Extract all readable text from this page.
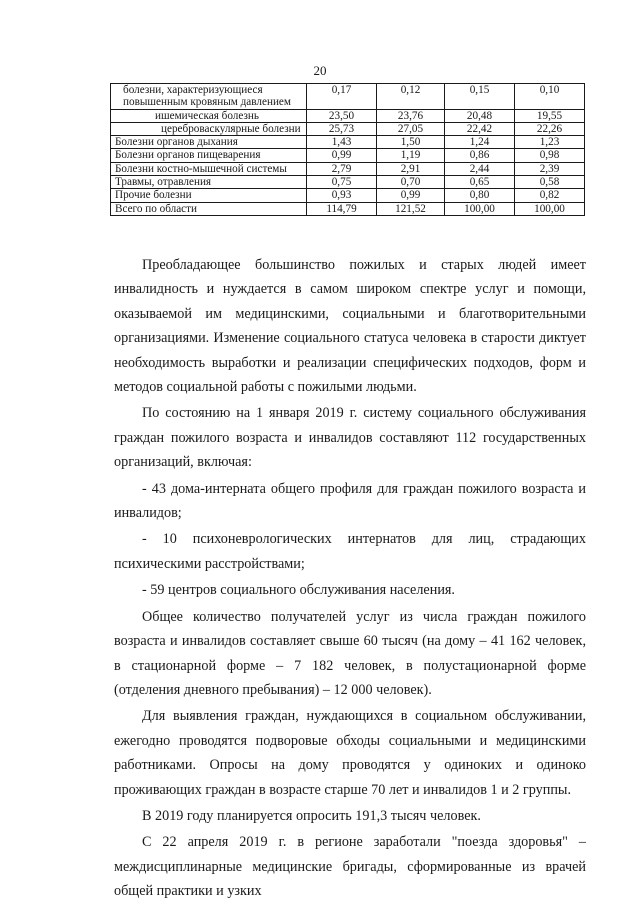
20
болезни, характеризующиеся повышенным кровяным давлением	0,17	0,12	0,15	0,10
ишемическая болезнь	23,50	23,76	20,48	19,55
цереброваскулярные болезни	25,73	27,05	22,42	22,26
Болезни органов дыхания	1,43	1,50	1,24	1,23
Болезни органов пищеварения	0,99	1,19	0,86	0,98
Болезни костно-мышечной системы	2,79	2,91	2,44	2,39
Травмы, отравления	0,75	0,70	0,65	0,58
Прочие болезни	0,93	0,99	0,80	0,82
Всего по области	114,79	121,52	100,00	100,00

Преобладающее большинство пожилых и старых людей имеет инвалидность и нуждается в самом широком спектре услуг и помощи, оказываемой им медицинскими, социальными и благотворительными организациями. Изменение социального статуса человека в старости диктует необходимость выработки и реализации специфических подходов, форм и методов социальной работы с пожилыми людьми.

По состоянию на 1 января 2019 г. систему социального обслуживания граждан пожилого возраста и инвалидов составляют 112 государственных организаций, включая:

- 43 дома-интерната общего профиля для граждан пожилого возраста и инвалидов;

- 10 психоневрологических интернатов для лиц, страдающих психическими расстройствами;

- 59 центров социального обслуживания населения.

Общее количество получателей услуг из числа граждан пожилого возраста и инвалидов составляет свыше 60 тысяч (на дому – 41 162 человек, в стационарной форме – 7 182 человек, в полустационарной форме (отделения дневного пребывания) – 12 000 человек).

Для выявления граждан, нуждающихся в социальном обслуживании, ежегодно проводятся подворовые обходы социальными и медицинскими работниками. Опросы на дому проводятся у одиноких и одиноко проживающих граждан в возрасте старше 70 лет и инвалидов 1 и 2 группы.

В 2019 году планируется опросить 191,3 тысяч человек.

С 22 апреля 2019 г. в регионе заработали "поезда здоровья" – междисциплинарные медицинские бригады, сформированные из врачей общей практики и узких
